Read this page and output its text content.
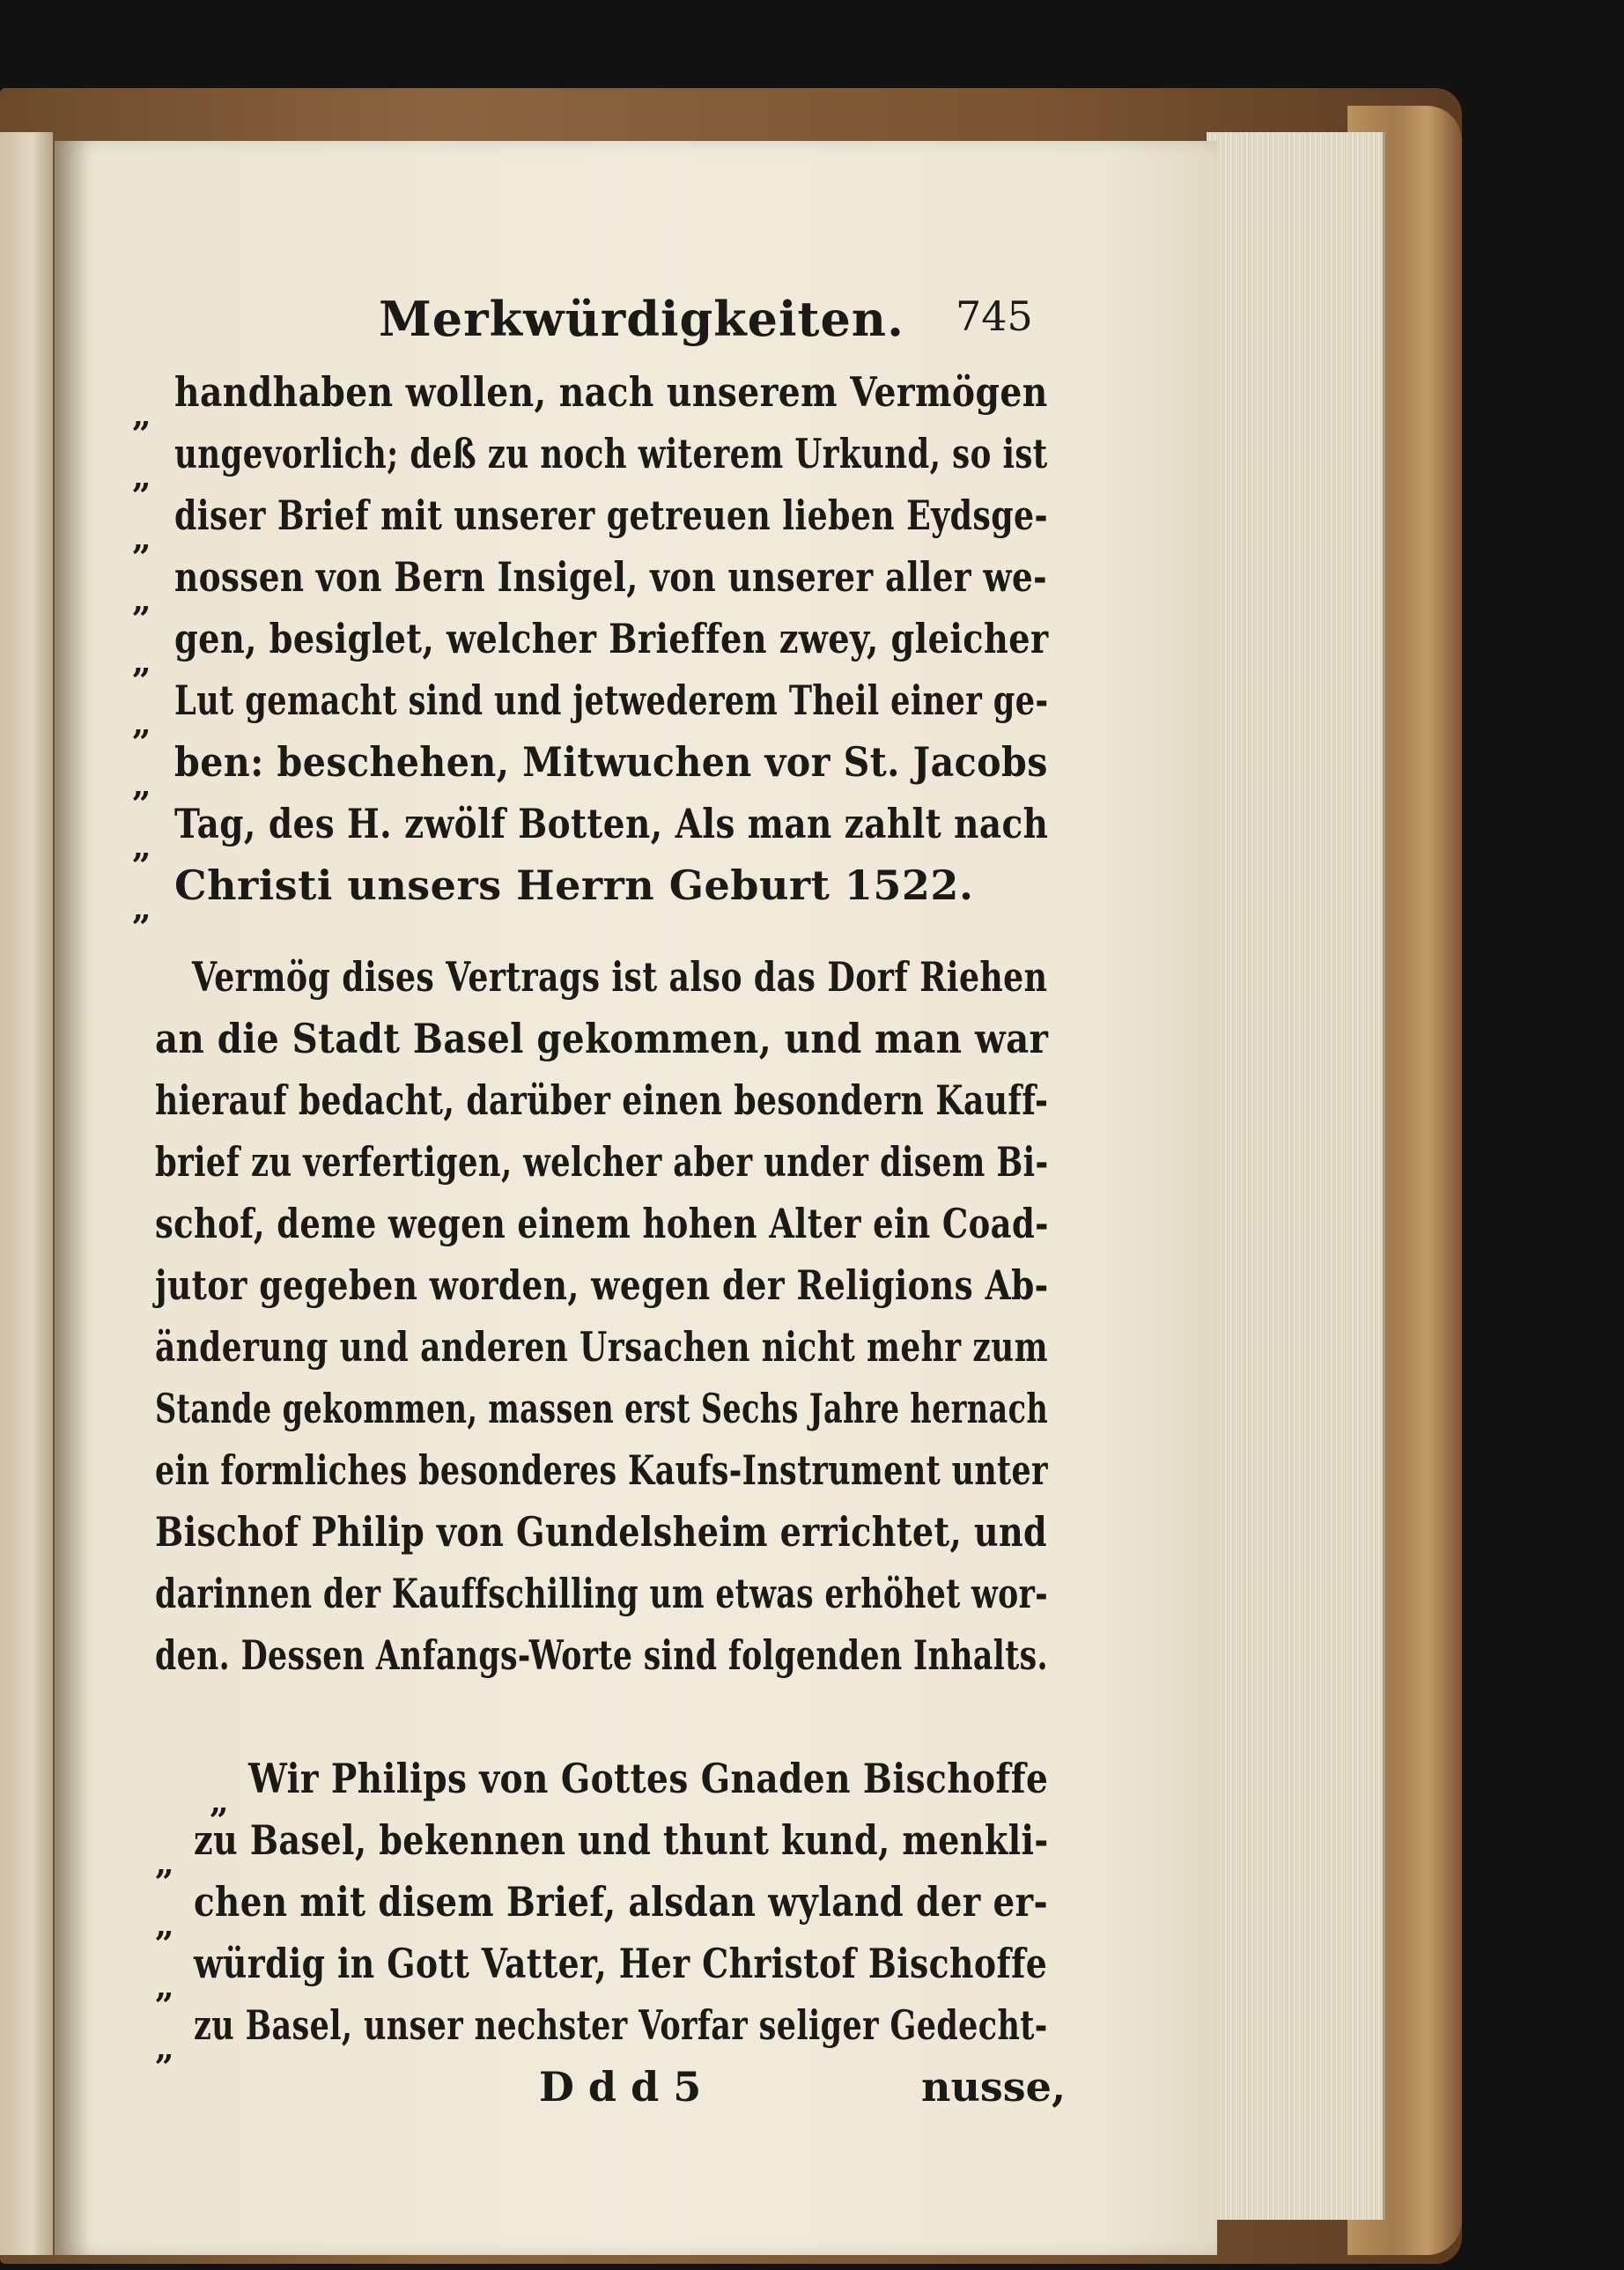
Merkwürdigkeiten. 745
„ handhaben wollen, nach unserem Vermögen
„ ungevorlich; deß zu noch witerem Urkund, so ist
„ diser Brief mit unserer getreuen lieben Eydsge-
„ nossen von Bern Insigel, von unserer aller we-
„ gen, besiglet, welcher Brieffen zwey, gleicher
„ Lut gemacht sind und jetwederem Theil einer ge-
„ ben: beschehen, Mitwuchen vor St. Jacobs
„ Tag, des H. zwölf Botten, Als man zahlt nach
„ Christi unsers Herrn Geburt 1522.
Vermög dises Vertrags ist also das Dorf Riehen
an die Stadt Basel gekommen, und man war
hierauf bedacht, darüber einen besondern Kauff-
brief zu verfertigen, welcher aber under disem Bi-
schof, deme wegen einem hohen Alter ein Coad-
jutor gegeben worden, wegen der Religions Ab-
änderung und anderen Ursachen nicht mehr zum
Stande gekommen, massen erst Sechs Jahre hernach
ein formliches besonderes Kaufs-Instrument unter
Bischof Philip von Gundelsheim errichtet, und
darinnen der Kauffschilling um etwas erhöhet wor-
den. Dessen Anfangs-Worte sind folgenden Inhalts.
„ Wir Philips von Gottes Gnaden Bischoffe
„ zu Basel, bekennen und thunt kund, menkli-
„ chen mit disem Brief, alsdan wyland der er-
„ würdig in Gott Vatter, Her Christof Bischoffe
„ zu Basel, unser nechster Vorfar seliger Gedecht-
D d d 5	nusse,
